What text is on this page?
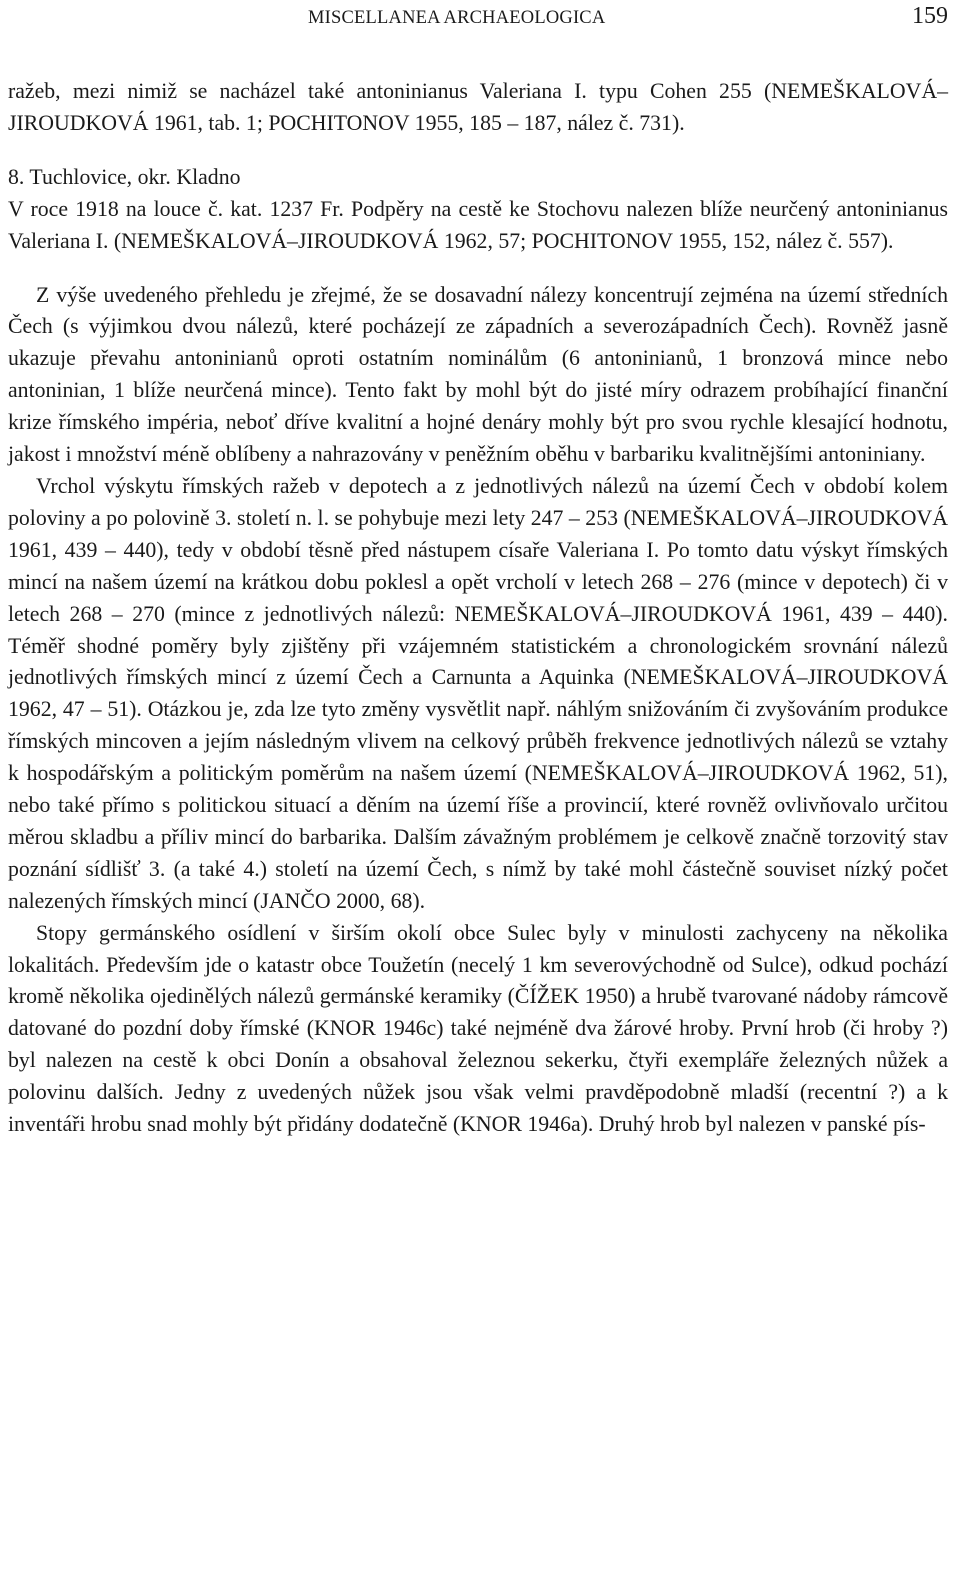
MISCELLANEA ARCHAEOLOGICA	159

ražeb, mezi nimiž se nacházel také antoninianus Valeriana I. typu Cohen 255 (NEMEŠKALOVÁ–JIROUDKOVÁ 1961, tab. 1; POCHITONOV 1955, 185 – 187, nález č. 731).

8. Tuchlovice, okr. Kladno

V roce 1918 na louce č. kat. 1237 Fr. Podpěry na cestě ke Stochovu nalezen blíže neurčený antoninianus Valeriana I. (NEMEŠKALOVÁ–JIROUDKOVÁ 1962, 57; POCHITONOV 1955, 152, nález č. 557).

Z výše uvedeného přehledu je zřejmé, že se dosavadní nálezy koncentrují zejména na území středních Čech (s výjimkou dvou nálezů, které pocházejí ze západních a severozápadních Čech). Rovněž jasně ukazuje převahu antoninianů oproti ostatním nominálům (6 antoninianů, 1 bronzová mince nebo antoninian, 1 blíže neurčená mince). Tento fakt by mohl být do jisté míry odrazem probíhající finanční krize římského impéria, neboť dříve kvalitní a hojné denáry mohly být pro svou rychle klesající hodnotu, jakost i množství méně oblíbeny a nahrazovány v peněžním oběhu v barbariku kvalitnějšími antoniniany.

Vrchol výskytu římských ražeb v depotech a z jednotlivých nálezů na území Čech v období kolem poloviny a po polovině 3. století n. l. se pohybuje mezi lety 247 – 253 (NEMEŠKALOVÁ–JIROUDKOVÁ 1961, 439 – 440), tedy v období těsně před nástupem císaře Valeriana I. Po tomto datu výskyt římských mincí na našem území na krátkou dobu poklesl a opět vrcholí v letech 268 – 276 (mince v depotech) či v letech 268 – 270 (mince z jednotlivých nálezů: NEMEŠKALOVÁ–JIROUDKOVÁ 1961, 439 – 440). Téměř shodné poměry byly zjištěny při vzájemném statistickém a chronologickém srovnání nálezů jednotlivých římských mincí z území Čech a Carnunta a Aquinka (NEMEŠKALOVÁ–JIROUDKOVÁ 1962, 47 – 51). Otázkou je, zda lze tyto změny vysvětlit např. náhlým snižováním či zvyšováním produkce římských mincoven a jejím následným vlivem na celkový průběh frekvence jednotlivých nálezů se vztahy k hospodářským a politickým poměrům na našem území (NEMEŠKALOVÁ–JIROUDKOVÁ 1962, 51), nebo také přímo s politickou situací a děním na území říše a provincií, které rovněž ovlivňovalo určitou měrou skladbu a příliv mincí do barbarika. Dalším závažným problémem je celkově značně torzovitý stav poznání sídlišť 3. (a také 4.) století na území Čech, s nímž by také mohl částečně souviset nízký počet nalezených římských mincí (JANČO 2000, 68).

Stopy germánského osídlení v širším okolí obce Sulec byly v minulosti zachyceny na několika lokalitách. Především jde o katastr obce Toužetín (necelý 1 km severovýchodně od Sulce), odkud pochází kromě několika ojedinělých nálezů germánské keramiky (ČÍŽEK 1950) a hrubě tvarované nádoby rámcově datované do pozdní doby římské (KNOR 1946c) také nejméně dva žárové hroby. První hrob (či hroby ?) byl nalezen na cestě k obci Donín a obsahoval železnou sekerku, čtyři exempláře železných nůžek a polovinu dalších. Jedny z uvedených nůžek jsou však velmi pravděpodobně mladší (recentní ?) a k inventáři hrobu snad mohly být přidány dodatečně (KNOR 1946a). Druhý hrob byl nalezen v panské pís-
